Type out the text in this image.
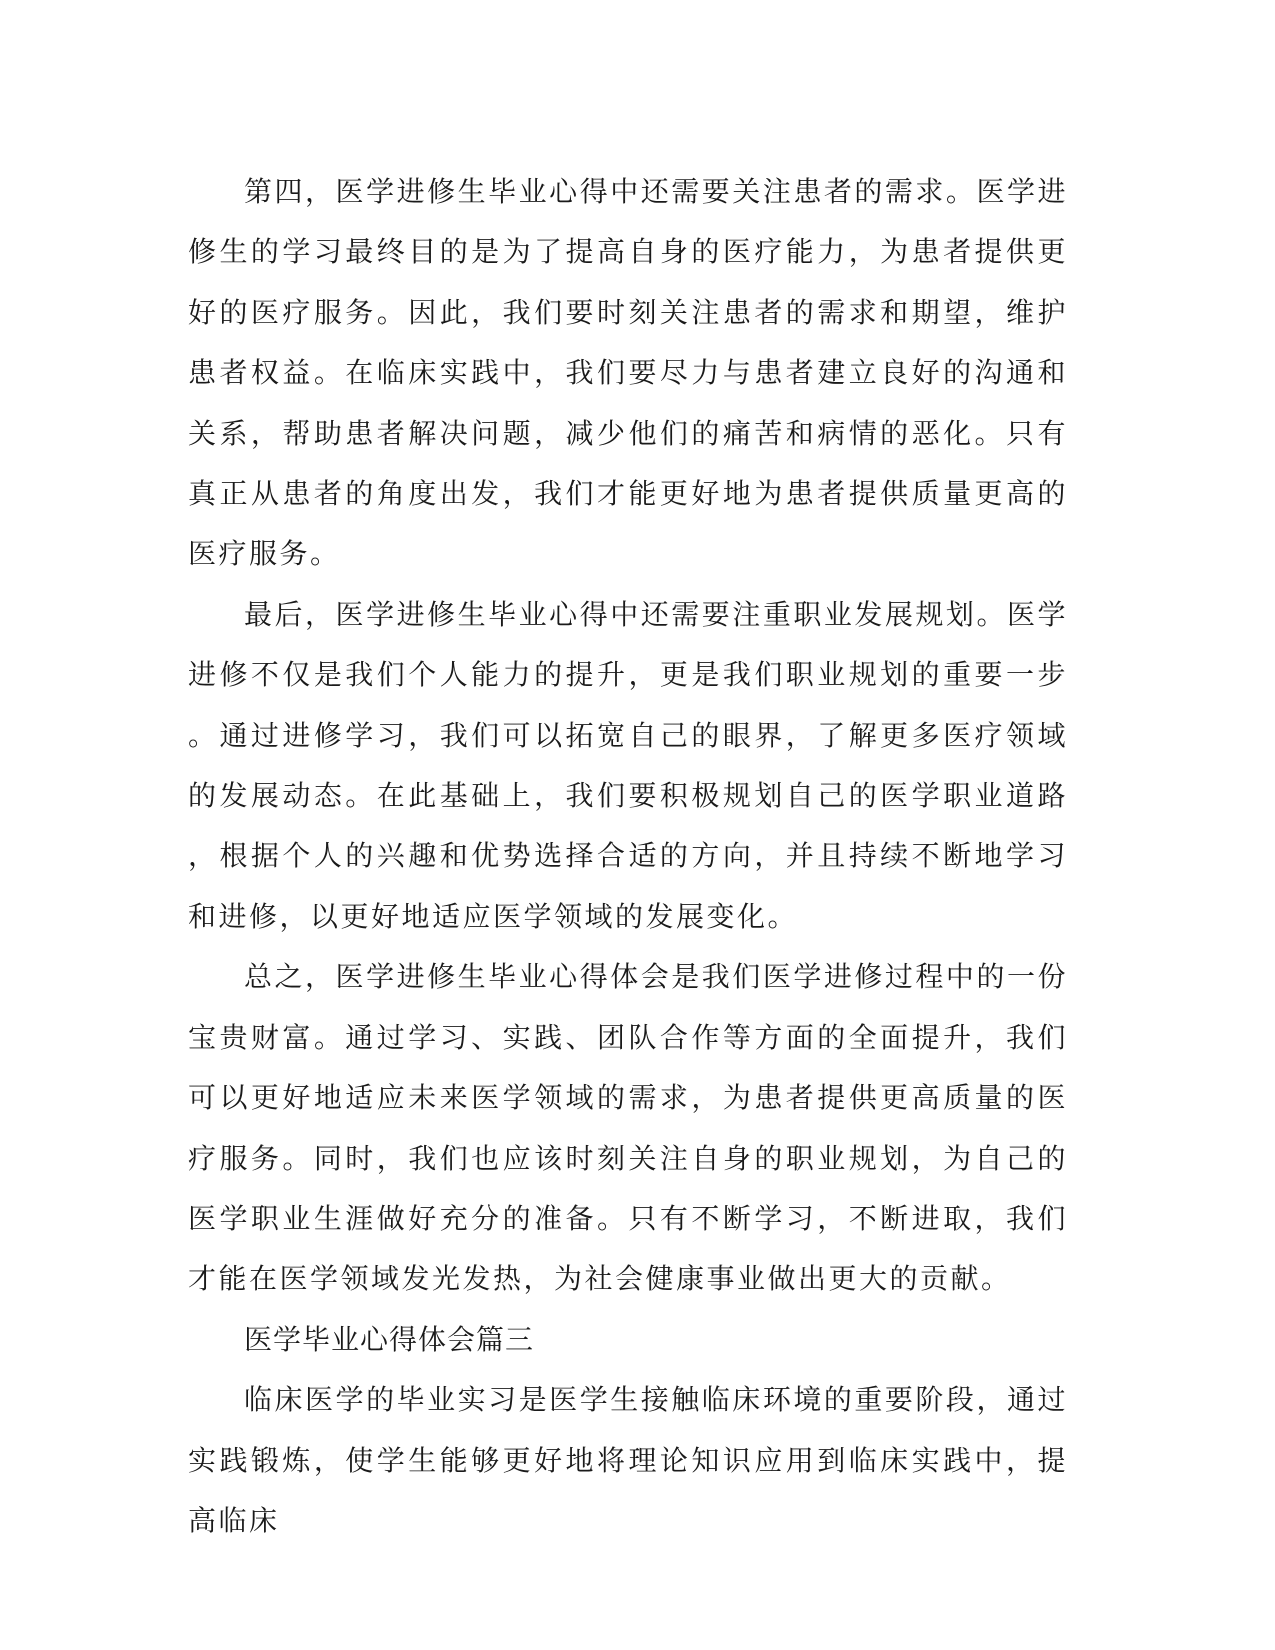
第四，医学进修生毕业心得中还需要关注患者的需求。医学进修生的学习最终目的是为了提高自身的医疗能力，为患者提供更好的医疗服务。因此，我们要时刻关注患者的需求和期望，维护患者权益。在临床实践中，我们要尽力与患者建立良好的沟通和关系，帮助患者解决问题，减少他们的痛苦和病情的恶化。只有真正从患者的角度出发，我们才能更好地为患者提供质量更高的医疗服务。

最后，医学进修生毕业心得中还需要注重职业发展规划。医学进修不仅是我们个人能力的提升，更是我们职业规划的重要一步。通过进修学习，我们可以拓宽自己的眼界，了解更多医疗领域的发展动态。在此基础上，我们要积极规划自己的医学职业道路，根据个人的兴趣和优势选择合适的方向，并且持续不断地学习和进修，以更好地适应医学领域的发展变化。

总之，医学进修生毕业心得体会是我们医学进修过程中的一份宝贵财富。通过学习、实践、团队合作等方面的全面提升，我们可以更好地适应未来医学领域的需求，为患者提供更高质量的医疗服务。同时，我们也应该时刻关注自身的职业规划，为自己的医学职业生涯做好充分的准备。只有不断学习，不断进取，我们才能在医学领域发光发热，为社会健康事业做出更大的贡献。

医学毕业心得体会篇三

临床医学的毕业实习是医学生接触临床环境的重要阶段，通过实践锻炼，使学生能够更好地将理论知识应用到临床实践中，提高临床
